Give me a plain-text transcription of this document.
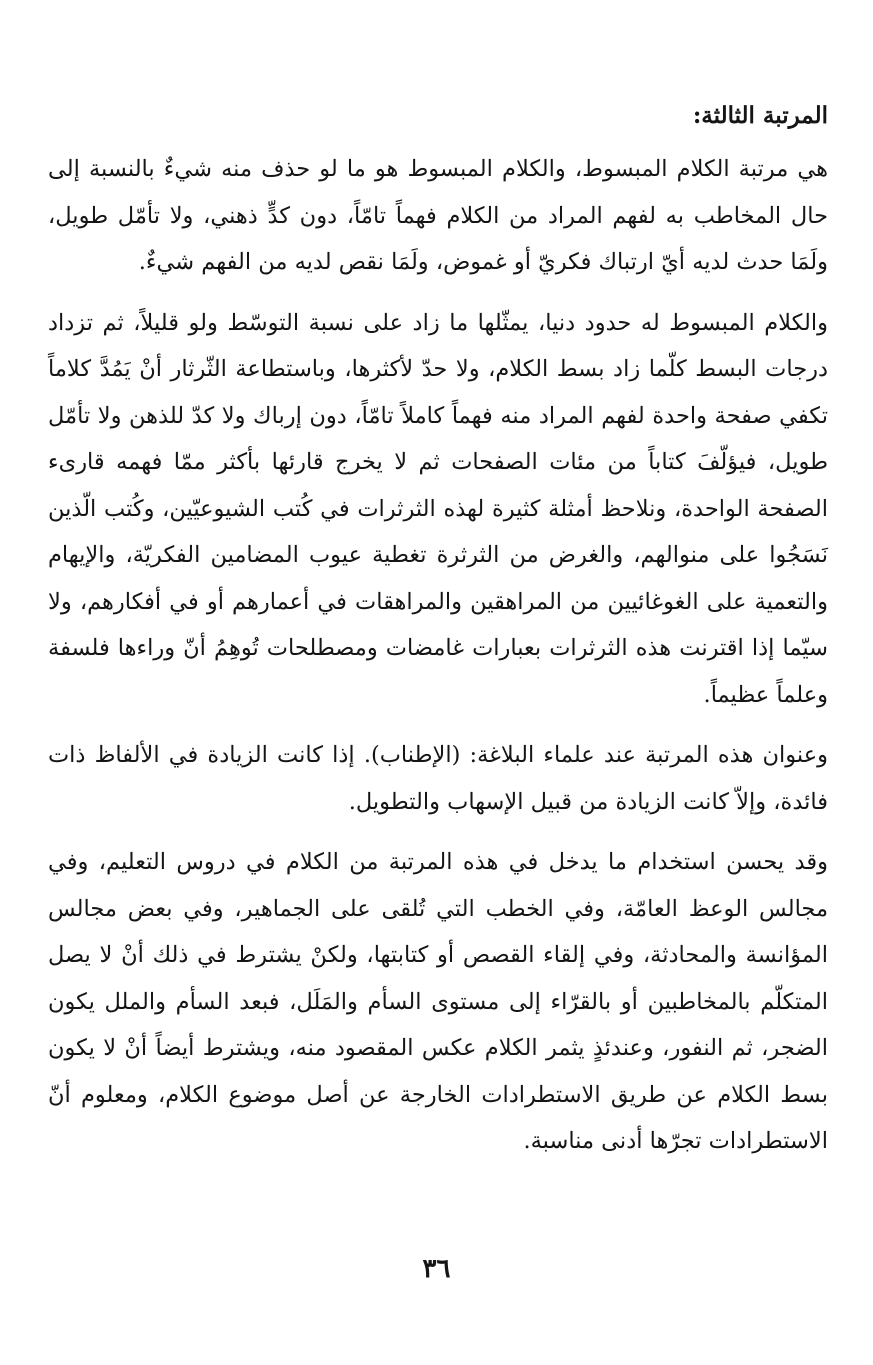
المرتبة الثالثة:

هي مرتبة الكلام المبسوط، والكلام المبسوط هو ما لو حذف منه شيءٌ بالنسبة إلى حال المخاطب به لفهم المراد من الكلام فهماً تامّاً، دون كدٍّ ذهني، ولا تأمّل طويل، ولَمَا حدث لديه أيّ ارتباك فكريّ أو غموض، ولَمَا نقص لديه من الفهم شيءٌ.

والكلام المبسوط له حدود دنيا، يمثّلها ما زاد على نسبة التوسّط ولو قليلاً، ثم تزداد درجات البسط كلّما زاد بسط الكلام، ولا حدّ لأكثرها، وباستطاعة الثّرثار أنْ يَمُدَّ كلاماً تكفي صفحة واحدة لفهم المراد منه فهماً كاملاً تامّاً، دون إرباك ولا كدّ للذهن ولا تأمّل طويل، فيؤلّفَ كتاباً من مئات الصفحات ثم لا يخرج قارئها بأكثر ممّا فهمه قارىء الصفحة الواحدة، ونلاحظ أمثلة كثيرة لهذه الثرثرات في كُتب الشيوعيّين، وكُتب الّذين نَسَجُوا على منوالهم، والغرض من الثرثرة تغطية عيوب المضامين الفكريّة، والإيهام والتعمية على الغوغائيين من المراهقين والمراهقات في أعمارهم أو في أفكارهم، ولا سيّما إذا اقترنت هذه الثرثرات بعبارات غامضات ومصطلحات تُوهِمُ أنّ وراءها فلسفة وعلماً عظيماً.

وعنوان هذه المرتبة عند علماء البلاغة: (الإطناب). إذا كانت الزيادة في الألفاظ ذات فائدة، وإلاّ كانت الزيادة من قبيل الإسهاب والتطويل.

وقد يحسن استخدام ما يدخل في هذه المرتبة من الكلام في دروس التعليم، وفي مجالس الوعظ العامّة، وفي الخطب التي تُلقى على الجماهير، وفي بعض مجالس المؤانسة والمحادثة، وفي إلقاء القصص أو كتابتها، ولكنْ يشترط في ذلك أنْ لا يصل المتكلّم بالمخاطبين أو بالقرّاء إلى مستوى السأم والمَلَل، فبعد السأم والملل يكون الضجر، ثم النفور، وعندئذٍ يثمر الكلام عكس المقصود منه، ويشترط أيضاً أنْ لا يكون بسط الكلام عن طريق الاستطرادات الخارجة عن أصل موضوع الكلام، ومعلوم أنّ الاستطرادات تجرّها أدنى مناسبة.

٣٦
